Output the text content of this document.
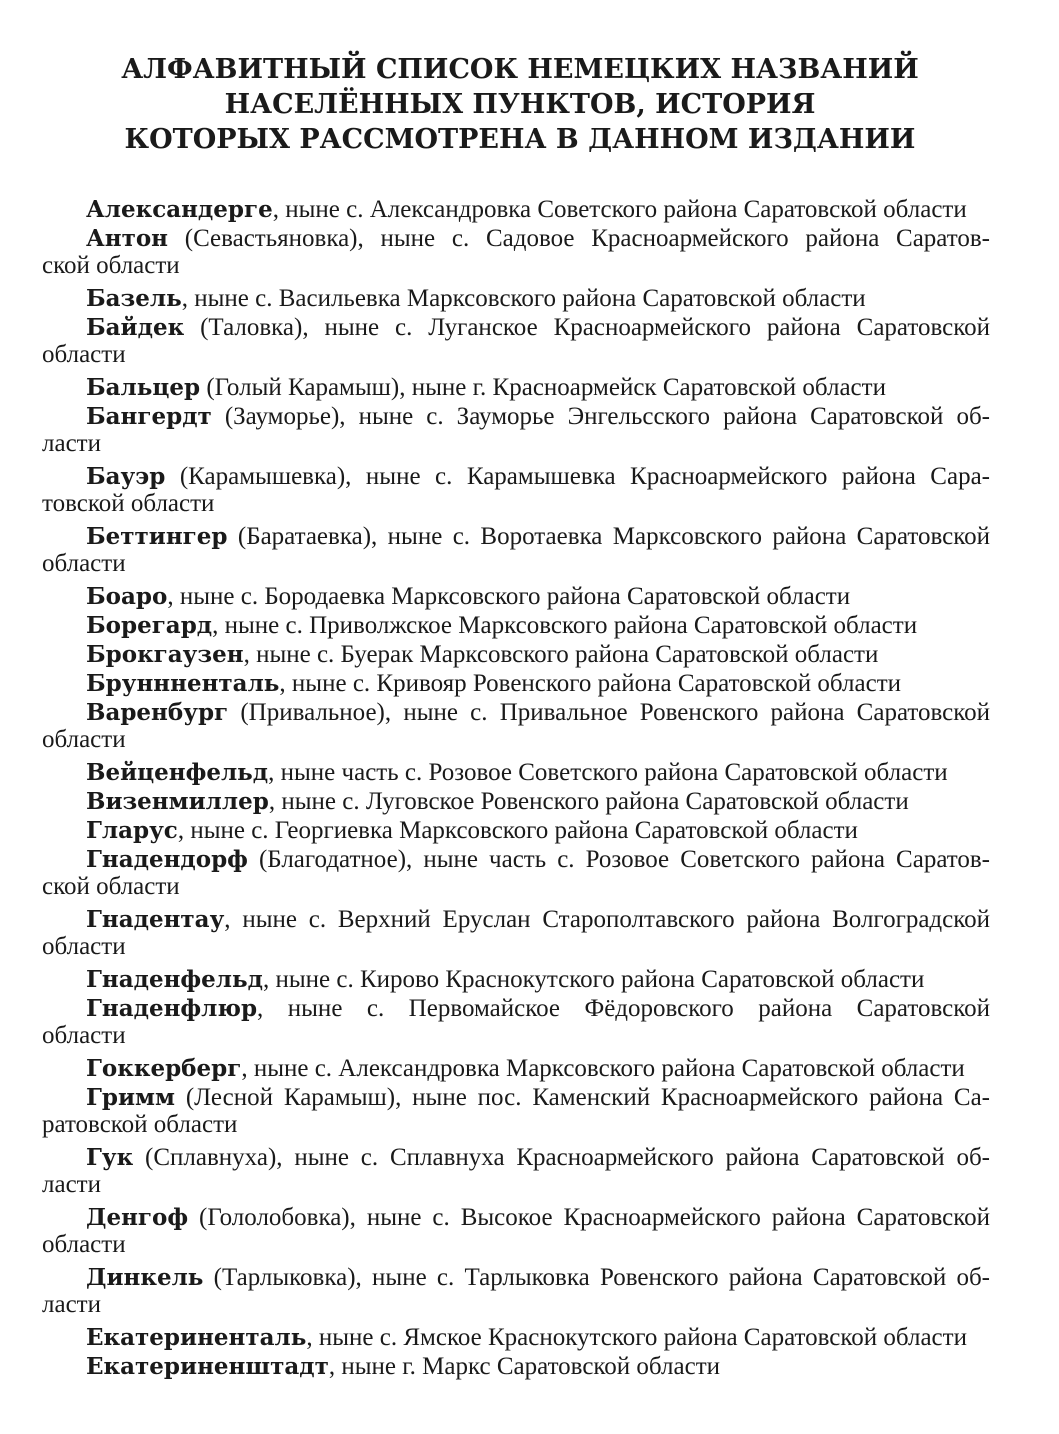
АЛФАВИТНЫЙ СПИСОК НЕМЕЦКИХ НАЗВАНИЙ
НАСЕЛЁННЫХ ПУНКТОВ, ИСТОРИЯ
КОТОРЫХ РАССМОТРЕНА В ДАННОМ ИЗДАНИИ
Александерге, ныне с. Александровка Советского района Саратовской области
Антон (Севастьяновка), ныне с. Садовое Красноармейского района Саратов-
ской области
Базель, ныне с. Васильевка Марксовского района Саратовской области
Байдек (Таловка), ныне с. Луганское Красноармейского района Саратовской
области
Бальцер (Голый Карамыш), ныне г. Красноармейск Саратовской области
Бангердт (Зауморье), ныне с. Зауморье Энгельсского района Саратовской об-
ласти
Бауэр (Карамышевка), ныне с. Карамышевка Красноармейского района Сара-
товской области
Беттингер (Баратаевка), ныне с. Воротаевка Марксовского района Саратовской
области
Боаро, ныне с. Бородаевка Марксовского района Саратовской области
Борегард, ныне с. Приволжское Марксовского района Саратовской области
Брокгаузен, ныне с. Буерак Марксовского района Саратовской области
Бруннненталь, ныне с. Кривояр Ровенского района Саратовской области
Варенбург (Привальное), ныне с. Привальное Ровенского района Саратовской
области
Вейценфельд, ныне часть с. Розовое Советского района Саратовской области
Визенмиллер, ныне с. Луговское Ровенского района Саратовской области
Гларус, ныне с. Георгиевка Марксовского района Саратовской области
Гнадендорф (Благодатное), ныне часть с. Розовое Советского района Саратов-
ской области
Гнадентау, ныне с. Верхний Еруслан Старополтавского района Волгоградской
области
Гнаденфельд, ныне с. Кирово Краснокутского района Саратовской области
Гнаденфлюр, ныне с. Первомайское Фёдоровского района Саратовской
области
Гоккерберг, ныне с. Александровка Марксовского района Саратовской области
Гримм (Лесной Карамыш), ныне пос. Каменский Красноармейского района Са-
ратовской области
Гук (Сплавнуха), ныне с. Сплавнуха Красноармейского района Саратовской об-
ласти
Денгоф (Гололобовка), ныне с. Высокое Красноармейского района Саратовской
области
Динкель (Тарлыковка), ныне с. Тарлыковка Ровенского района Саратовской об-
ласти
Екатериненталь, ныне с. Ямское Краснокутского района Саратовской области
Екатериненштадт, ныне г. Маркс Саратовской области
